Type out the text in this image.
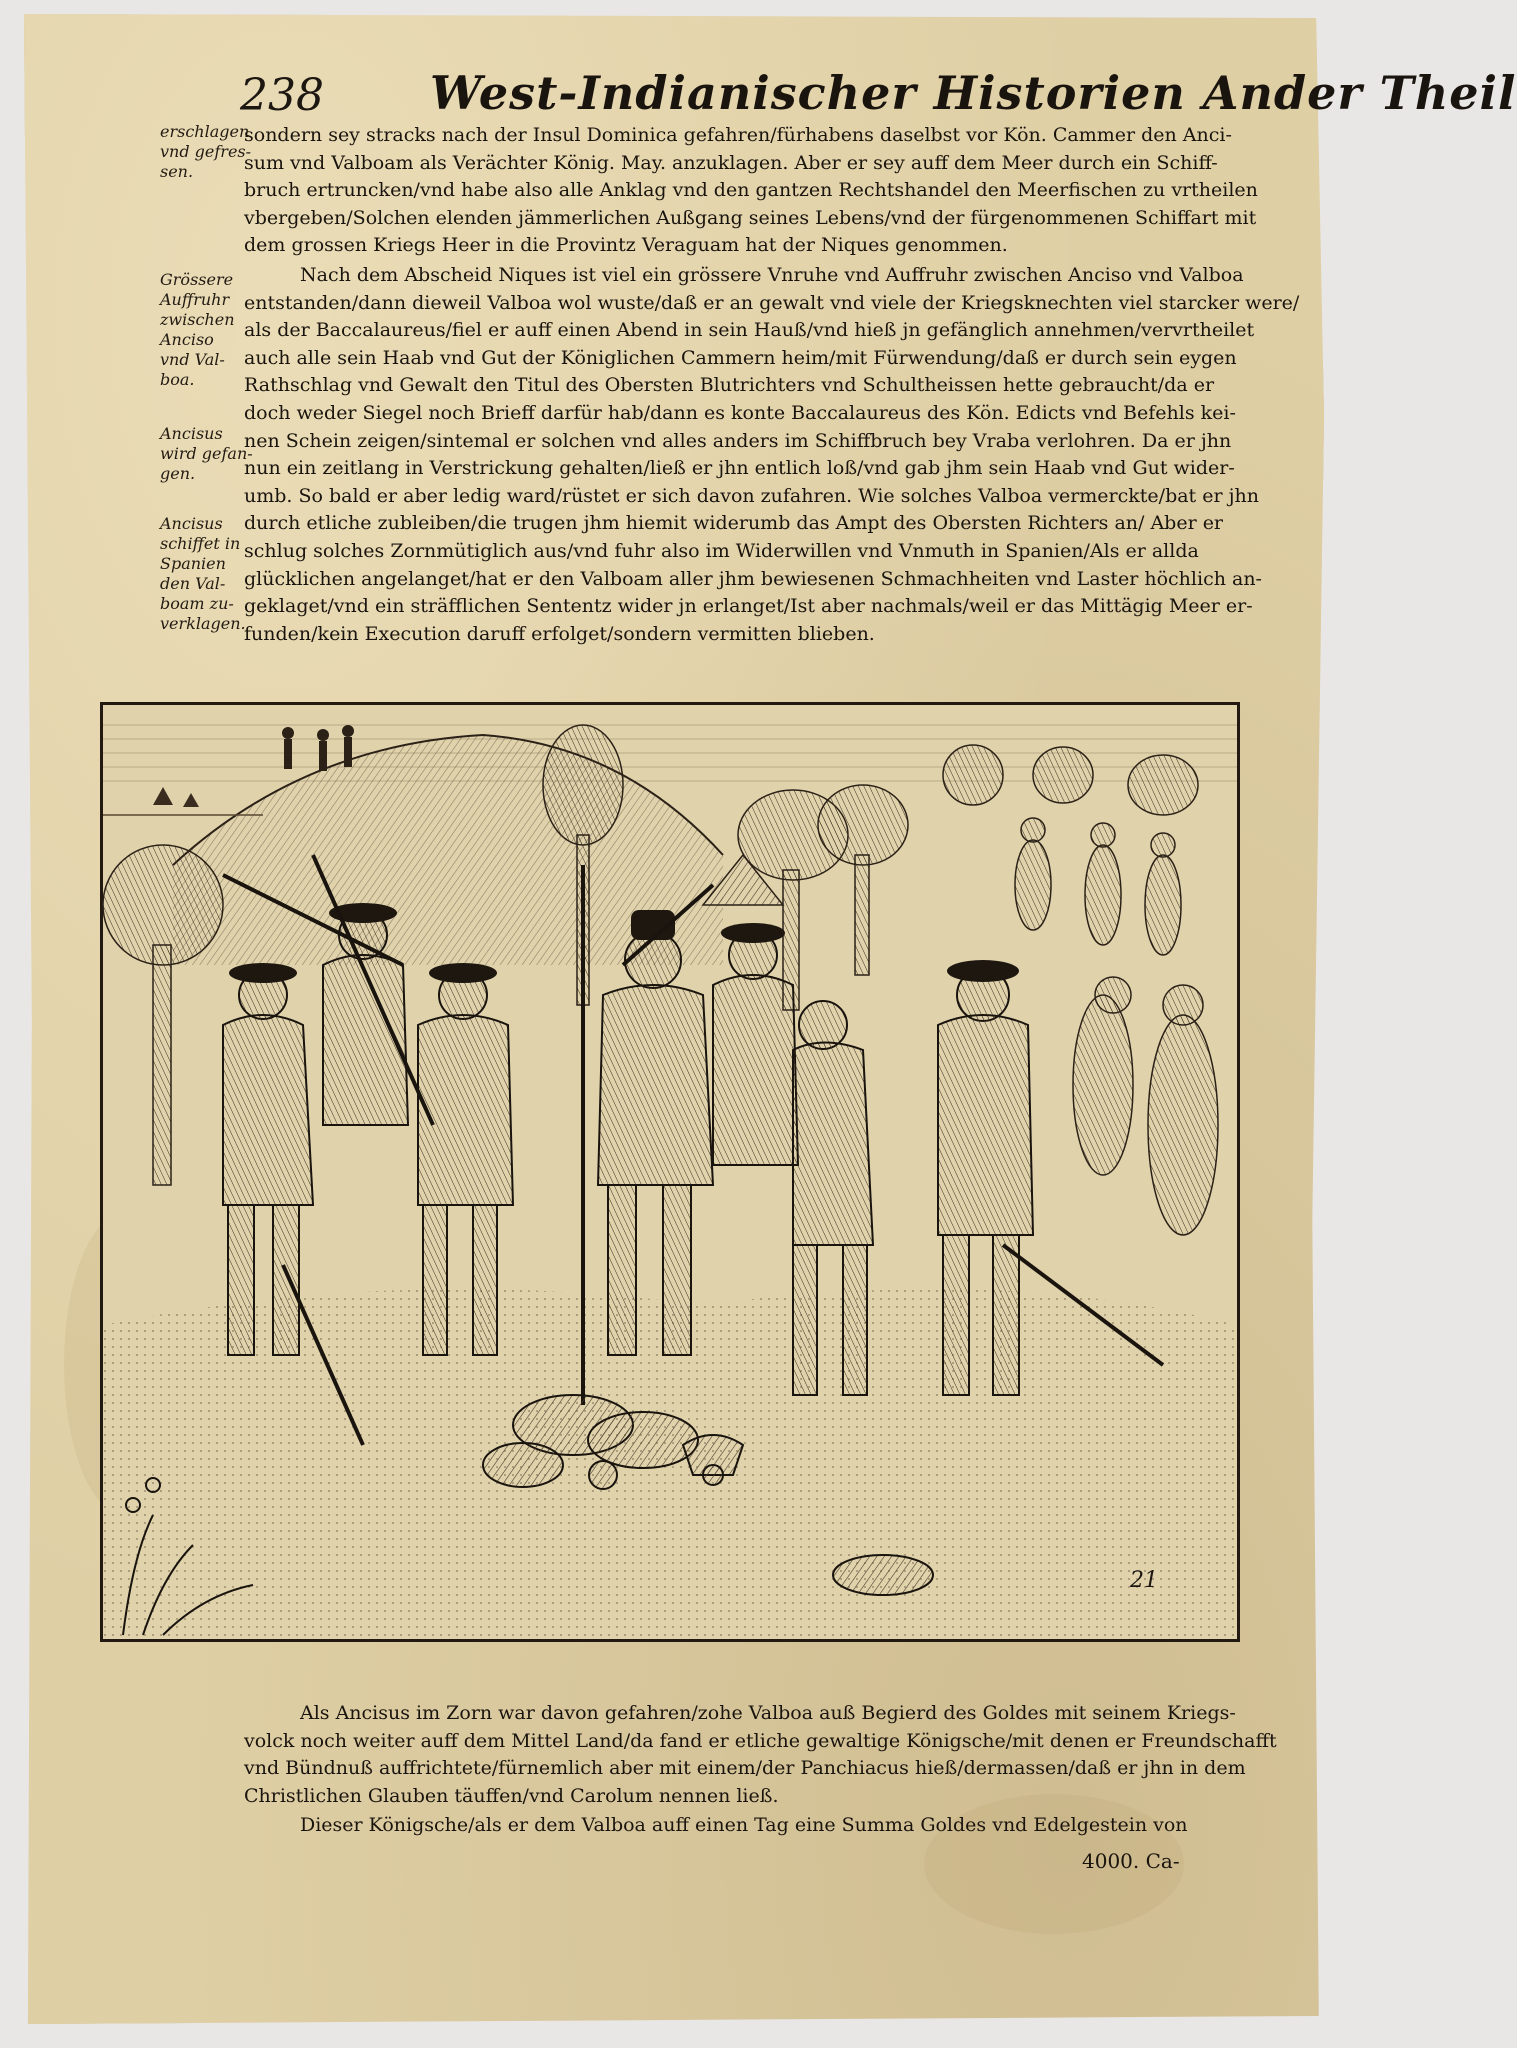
238 West-Indianischer Historien Ander Theil
erschlagen
vnd gefres-
sen.
Grössere
Auffruhr
zwischen
Anciso
vnd Val-
boa.
Ancisus
wird gefan-
gen.
Ancisus
schiffet in
Spanien
den Val-
boam zu-
verklagen.
sondern sey stracks nach der Insul Dominica gefahren/fürhabens daselbst vor Kön. Cammer den Anci-
sum vnd Valboam als Verächter König. May. anzuklagen. Aber er sey auff dem Meer durch ein Schiff-
bruch ertruncken/vnd habe also alle Anklag vnd den gantzen Rechtshandel den Meerfischen zu vrtheilen
vbergeben/Solchen elenden jämmerlichen Außgang seines Lebens/vnd der fürgenommenen Schiffart mit
dem grossen Kriegs Heer in die Provintz Veraguam hat der Niques genommen.
Nach dem Abscheid Niques ist viel ein grössere Vnruhe vnd Auffruhr zwischen Anciso vnd Valboa
entstanden/dann dieweil Valboa wol wuste/daß er an gewalt vnd viele der Kriegsknechten viel starcker were/
als der Baccalaureus/fiel er auff einen Abend in sein Hauß/vnd hieß jn gefänglich annehmen/vervrtheilet
auch alle sein Haab vnd Gut der Königlichen Cammern heim/mit Fürwendung/daß er durch sein eygen
Rathschlag vnd Gewalt den Titul des Obersten Blutrichters vnd Schultheissen hette gebraucht/da er
doch weder Siegel noch Brieff darfür hab/dann es konte Baccalaureus des Kön. Edicts vnd Befehls kei-
nen Schein zeigen/sintemal er solchen vnd alles anders im Schiffbruch bey Vraba verlohren. Da er jhn
nun ein zeitlang in Verstrickung gehalten/ließ er jhn entlich loß/vnd gab jhm sein Haab vnd Gut wider-
umb. So bald er aber ledig ward/rüstet er sich davon zufahren. Wie solches Valboa vermerckte/bat er jhn
durch etliche zubleiben/die trugen jhm hiemit widerumb das Ampt des Obersten Richters an/ Aber er
schlug solches Zornmütiglich aus/vnd fuhr also im Widerwillen vnd Vnmuth in Spanien/Als er allda
glücklichen angelanget/hat er den Valboam aller jhm bewiesenen Schmachheiten vnd Laster höchlich an-
geklaget/vnd ein sträfflichen Sententz wider jn erlanget/Ist aber nachmals/weil er das Mittägig Meer er-
funden/kein Execution daruff erfolget/sondern vermitten blieben.
21
Als Ancisus im Zorn war davon gefahren/zohe Valboa auß Begierd des Goldes mit seinem Kriegs-
volck noch weiter auff dem Mittel Land/da fand er etliche gewaltige Königsche/mit denen er Freundschafft
vnd Bündnuß auffrichtete/fürnemlich aber mit einem/der Panchiacus hieß/dermassen/daß er jhn in dem
Christlichen Glauben täuffen/vnd Carolum nennen ließ.
Dieser Königsche/als er dem Valboa auff einen Tag eine Summa Goldes vnd Edelgestein von
4000. Ca-
